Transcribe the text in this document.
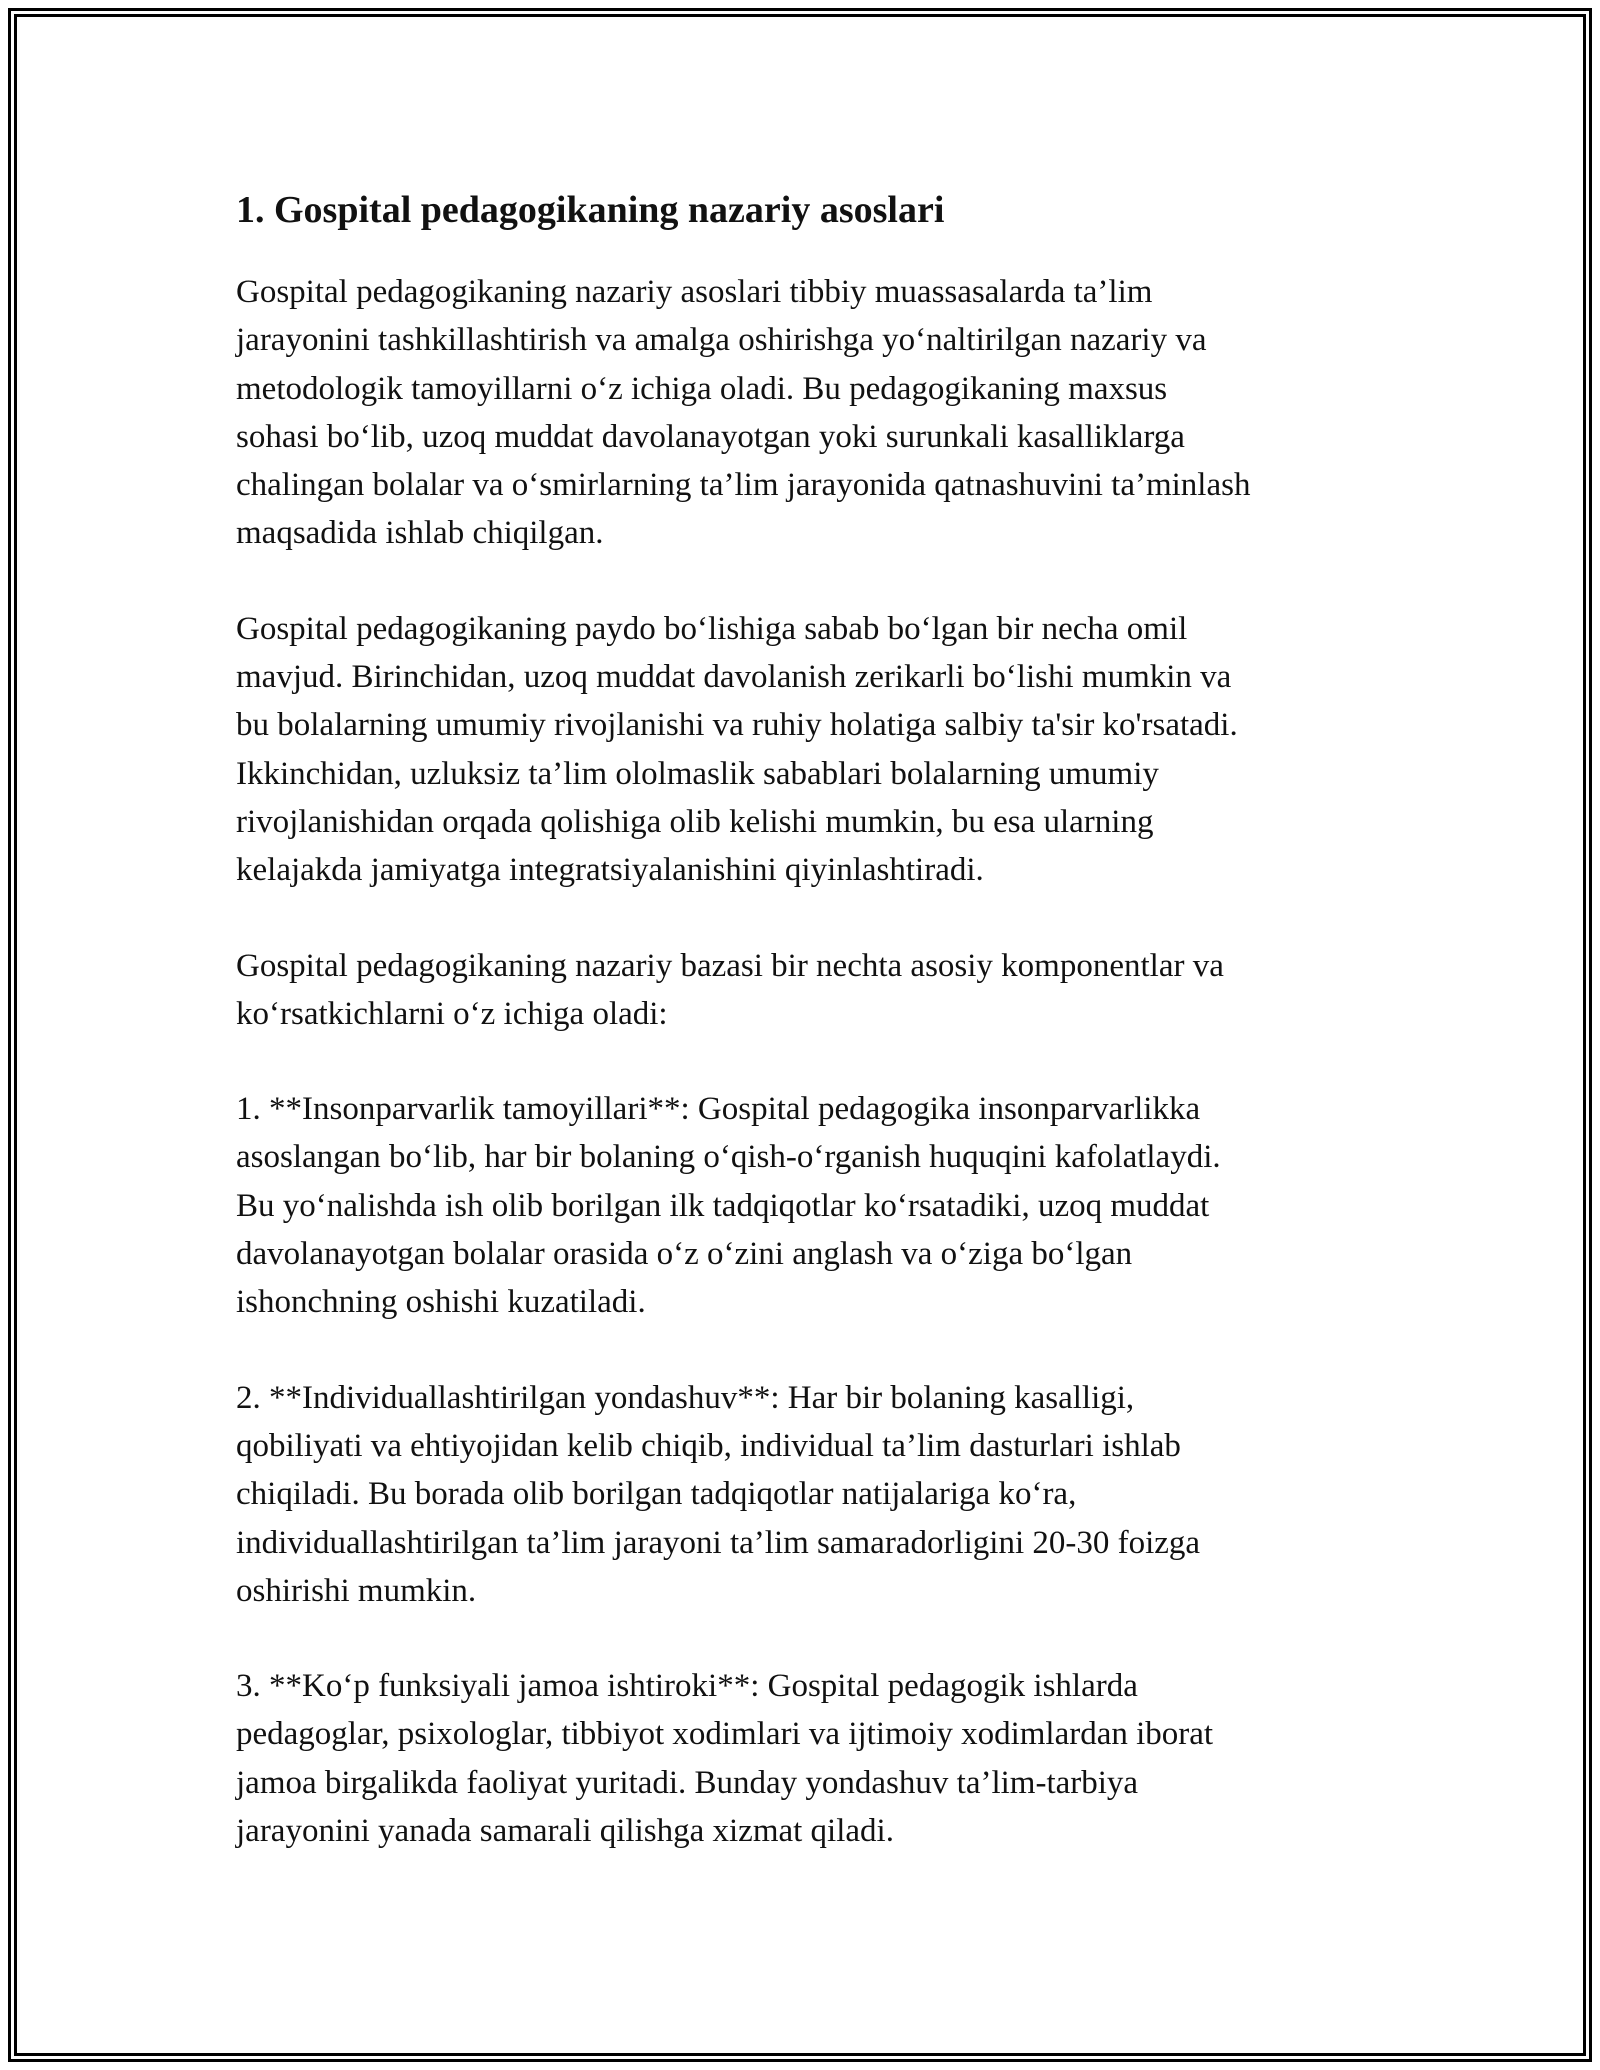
1. Gospital pedagogikaning nazariy asoslari

Gospital pedagogikaning nazariy asoslari tibbiy muassasalarda ta’lim
jarayonini tashkillashtirish va amalga oshirishga yo‘naltirilgan nazariy va
metodologik tamoyillarni o‘z ichiga oladi. Bu pedagogikaning maxsus
sohasi bo‘lib, uzoq muddat davolanayotgan yoki surunkali kasalliklarga
chalingan bolalar va o‘smirlarning ta’lim jarayonida qatnashuvini ta’minlash
maqsadida ishlab chiqilgan.

Gospital pedagogikaning paydo bo‘lishiga sabab bo‘lgan bir necha omil
mavjud. Birinchidan, uzoq muddat davolanish zerikarli bo‘lishi mumkin va
bu bolalarning umumiy rivojlanishi va ruhiy holatiga salbiy ta'sir ko'rsatadi.
Ikkinchidan, uzluksiz ta’lim ololmaslik sabablari bolalarning umumiy
rivojlanishidan orqada qolishiga olib kelishi mumkin, bu esa ularning
kelajakda jamiyatga integratsiyalanishini qiyinlashtiradi.

Gospital pedagogikaning nazariy bazasi bir nechta asosiy komponentlar va
ko‘rsatkichlarni o‘z ichiga oladi:

1. **Insonparvarlik tamoyillari**: Gospital pedagogika insonparvarlikka
asoslangan bo‘lib, har bir bolaning o‘qish-o‘rganish huquqini kafolatlaydi.
Bu yo‘nalishda ish olib borilgan ilk tadqiqotlar ko‘rsatadiki, uzoq muddat
davolanayotgan bolalar orasida o‘z o‘zini anglash va o‘ziga bo‘lgan
ishonchning oshishi kuzatiladi.

2. **Individuallashtirilgan yondashuv**: Har bir bolaning kasalligi,
qobiliyati va ehtiyojidan kelib chiqib, individual ta’lim dasturlari ishlab
chiqiladi. Bu borada olib borilgan tadqiqotlar natijalariga ko‘ra,
individuallashtirilgan ta’lim jarayoni ta’lim samaradorligini 20-30 foizga
oshirishi mumkin.

3. **Ko‘p funksiyali jamoa ishtiroki**: Gospital pedagogik ishlarda
pedagoglar, psixologlar, tibbiyot xodimlari va ijtimoiy xodimlardan iborat
jamoa birgalikda faoliyat yuritadi. Bunday yondashuv ta’lim-tarbiya
jarayonini yanada samarali qilishga xizmat qiladi.
